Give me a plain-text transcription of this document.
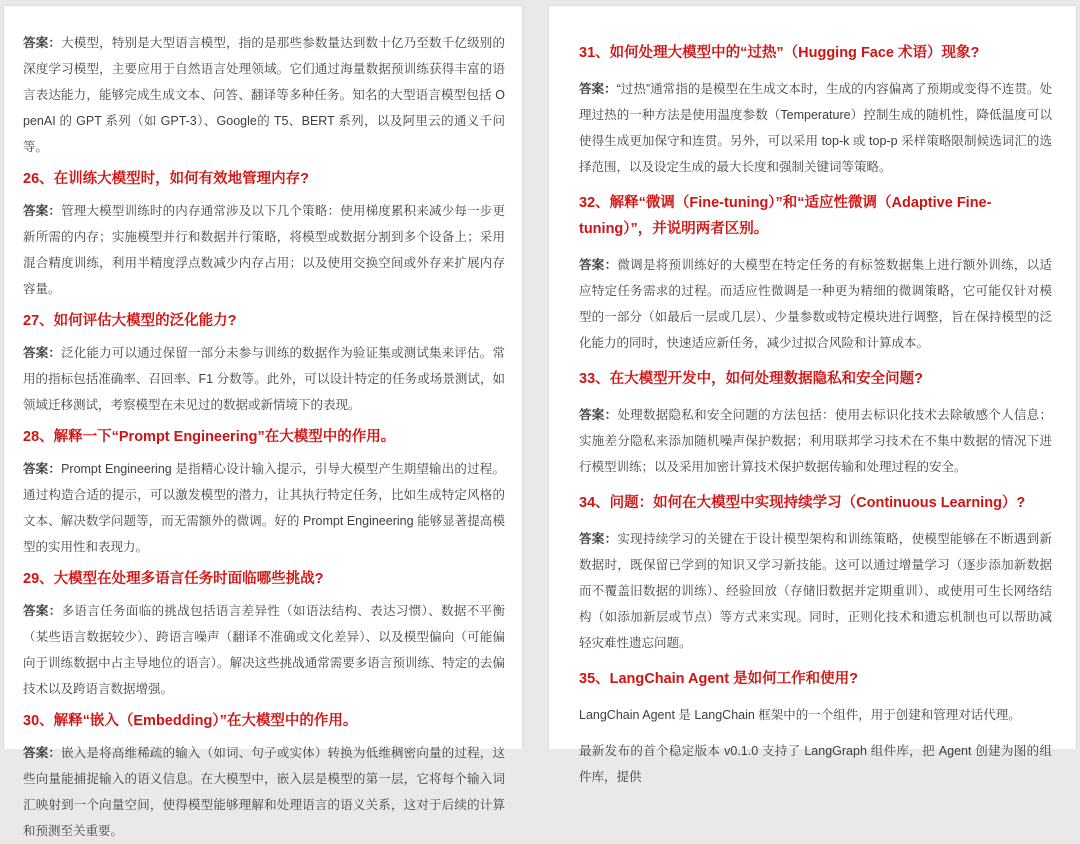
答案：大模型，特别是大型语言模型，指的是那些参数量达到数十亿乃至数千亿级别的深度学习模型，主要应用于自然语言处理领域。它们通过海量数据预训练获得丰富的语言表达能力，能够完成生成文本、问答、翻译等多种任务。知名的大型语言模型包括 OpenAI 的 GPT 系列（如 GPT-3）、Google的 T5、BERT 系列，以及阿里云的通义千问等。

26、在训练大模型时，如何有效地管理内存?

答案：管理大模型训练时的内存通常涉及以下几个策略：使用梯度累积来减少每一步更新所需的内存；实施模型并行和数据并行策略，将模型或数据分割到多个设备上；采用混合精度训练，利用半精度浮点数减少内存占用；以及使用交换空间或外存来扩展内存容量。

27、如何评估大模型的泛化能力?

答案：泛化能力可以通过保留一部分未参与训练的数据作为验证集或测试集来评估。常用的指标包括准确率、召回率、F1 分数等。此外，可以设计特定的任务或场景测试，如领域迁移测试，考察模型在未见过的数据或新情境下的表现。

28、解释一下“Prompt Engineering”在大模型中的作用。

答案：Prompt Engineering 是指精心设计输入提示，引导大模型产生期望输出的过程。通过构造合适的提示，可以激发模型的潜力，让其执行特定任务，比如生成特定风格的文本、解决数学问题等，而无需额外的微调。好的 Prompt Engineering 能够显著提高模型的实用性和表现力。

29、大模型在处理多语言任务时面临哪些挑战?

答案：多语言任务面临的挑战包括语言差异性（如语法结构、表达习惯）、数据不平衡（某些语言数据较少）、跨语言噪声（翻译不准确或文化差异）、以及模型偏向（可能偏向于训练数据中占主导地位的语言）。解决这些挑战通常需要多语言预训练、特定的去偏技术以及跨语言数据增强。

30、解释“嵌入（Embedding）”在大模型中的作用。

答案：嵌入是将高维稀疏的输入（如词、句子或实体）转换为低维稠密向量的过程，这些向量能捕捉输入的语义信息。在大模型中，嵌入层是模型的第一层，它将每个输入词汇映射到一个向量空间，使得模型能够理解和处理语言的语义关系，这对于后续的计算和预测至关重要。

31、如何处理大模型中的“过热”（Hugging Face 术语）现象?

答案：“过热”通常指的是模型在生成文本时，生成的内容偏离了预期或变得不连贯。处理过热的一种方法是使用温度参数（Temperature）控制生成的随机性，降低温度可以使得生成更加保守和连贯。另外，可以采用 top-k 或 top-p 采样策略限制候选词汇的选择范围，以及设定生成的最大长度和强制关键词等策略。

32、解释“微调（Fine-tuning）”和“适应性微调（Adaptive Fine-tuning）”，并说明两者区别。

答案：微调是将预训练好的大模型在特定任务的有标签数据集上进行额外训练，以适应特定任务需求的过程。而适应性微调是一种更为精细的微调策略，它可能仅针对模型的一部分（如最后一层或几层）、少量参数或特定模块进行调整，旨在保持模型的泛化能力的同时，快速适应新任务，减少过拟合风险和计算成本。

33、在大模型开发中，如何处理数据隐私和安全问题?

答案：处理数据隐私和安全问题的方法包括：使用去标识化技术去除敏感个人信息；实施差分隐私来添加随机噪声保护数据；利用联邦学习技术在不集中数据的情况下进行模型训练；以及采用加密计算技术保护数据传输和处理过程的安全。

34、问题：如何在大模型中实现持续学习（Continuous Learning）?

答案：实现持续学习的关键在于设计模型架构和训练策略，使模型能够在不断遇到新数据时，既保留已学到的知识又学习新技能。这可以通过增量学习（逐步添加新数据而不覆盖旧数据的训练）、经验回放（存储旧数据并定期重训）、或使用可生长网络结构（如添加新层或节点）等方式来实现。同时，正则化技术和遗忘机制也可以帮助减轻灾难性遗忘问题。

35、LangChain Agent 是如何工作和使用?

LangChain Agent 是 LangChain 框架中的一个组件，用于创建和管理对话代理。

最新发布的首个稳定版本 v0.1.0 支持了 LangGraph 组件库，把 Agent 创建为图的组件库，提供
